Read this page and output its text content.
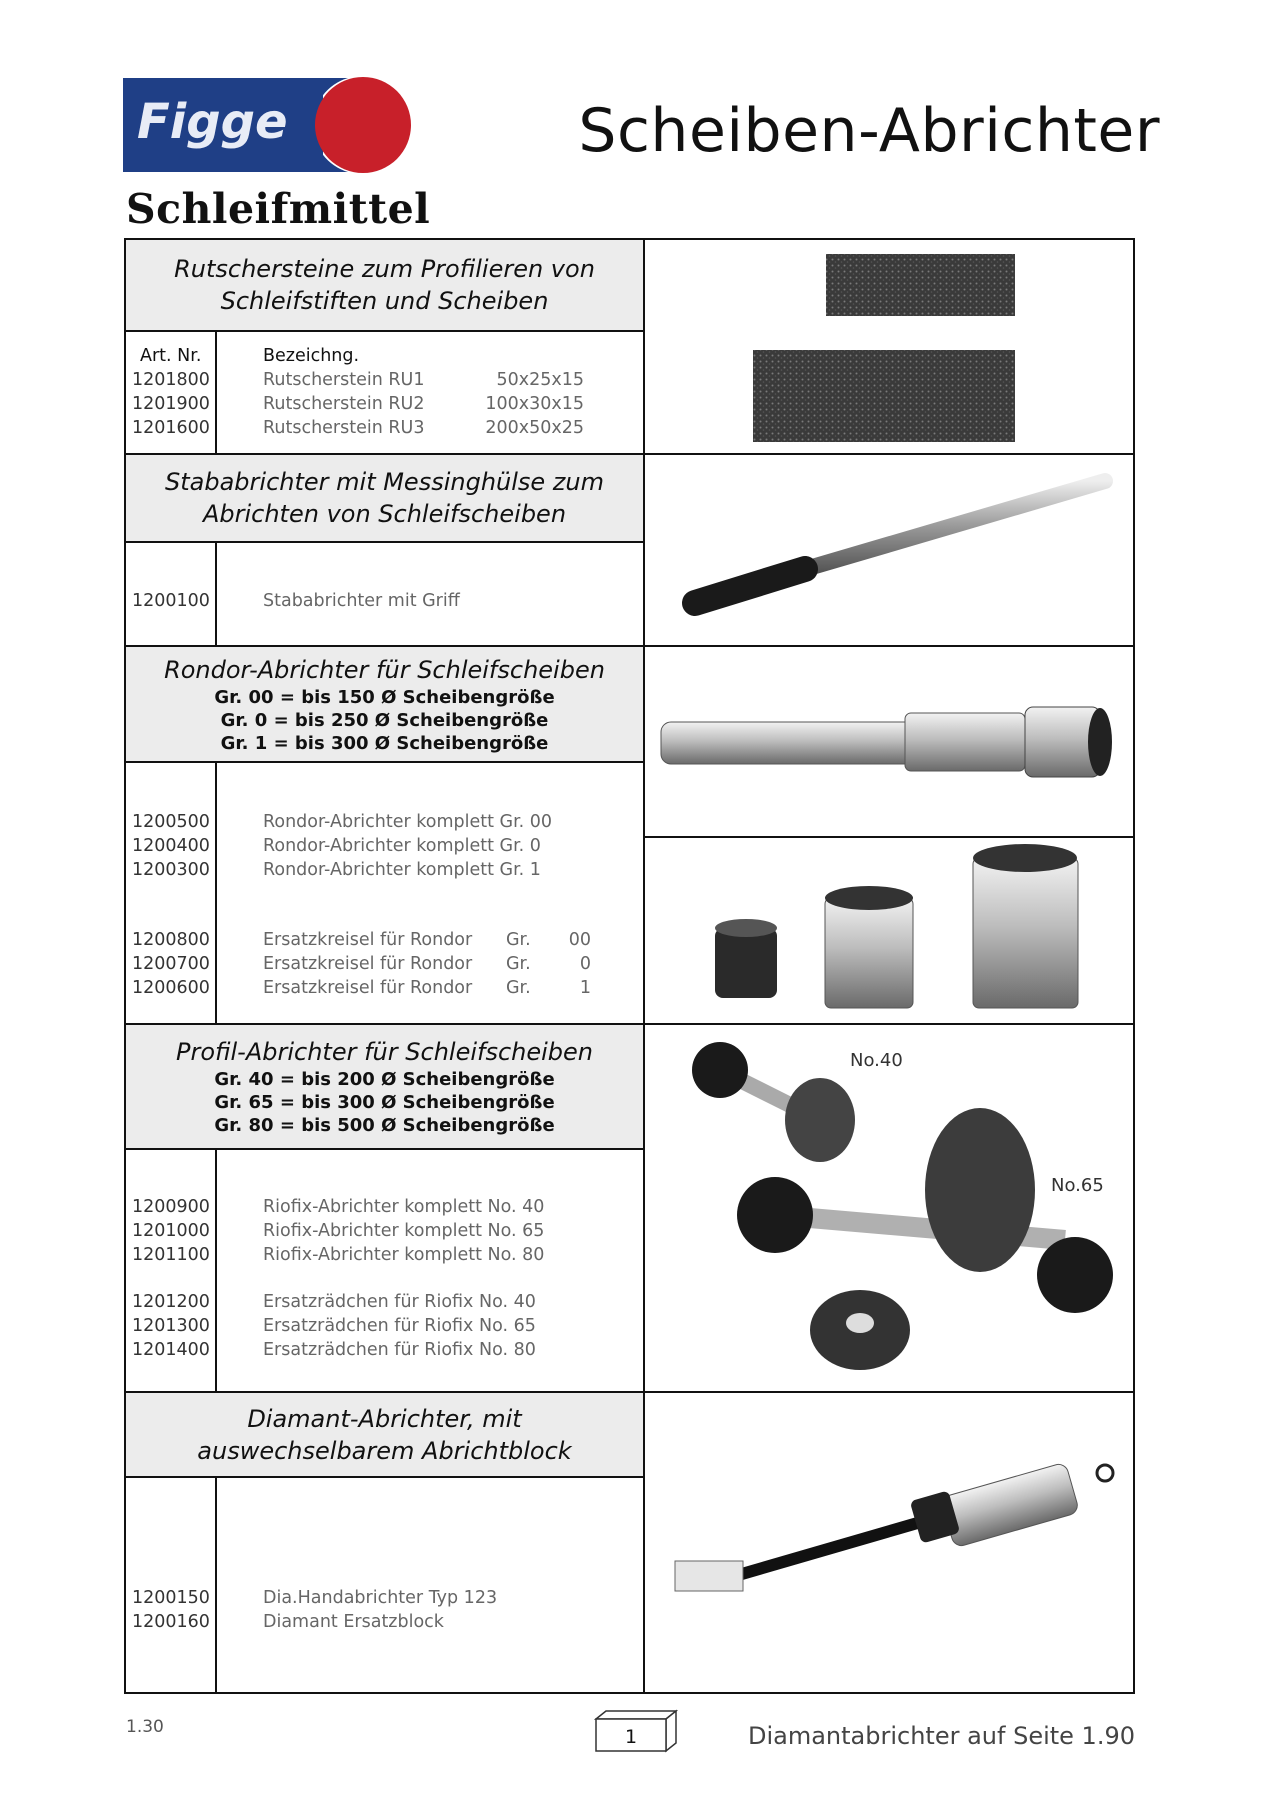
Figge	Scheiben-Abrichter
Schleifmittel
Rutschersteine zum Profilieren von
Schleifstiften und Scheiben
Art. Nr.	Bezeichng.
1201800	Rutscherstein RU1	50x25x15
1201900	Rutscherstein RU2	100x30x15
1201600	Rutscherstein RU3	200x50x25
Stababrichter mit Messinghülse zum
Abrichten von Schleifscheiben
1200100	Stababrichter mit Griff
Rondor-Abrichter für Schleifscheiben
Gr. 00 = bis 150 Ø Scheibengröße
Gr. 0 = bis 250 Ø Scheibengröße
Gr. 1 = bis 300 Ø Scheibengröße
1200500	Rondor-Abrichter komplett Gr. 00
1200400	Rondor-Abrichter komplett Gr. 0
1200300	Rondor-Abrichter komplett Gr. 1
1200800	Ersatzkreisel für Rondor Gr.	00
1200700	Ersatzkreisel für Rondor Gr.	0
1200600	Ersatzkreisel für Rondor Gr.	1
Profil-Abrichter für Schleifscheiben
Gr. 40 = bis 200 Ø Scheibengröße
Gr. 65 = bis 300 Ø Scheibengröße
Gr. 80 = bis 500 Ø Scheibengröße
1200900	Riofix-Abrichter komplett No. 40
1201000	Riofix-Abrichter komplett No. 65
1201100	Riofix-Abrichter komplett No. 80
1201200	Ersatzrädchen für Riofix No. 40
1201300	Ersatzrädchen für Riofix No. 65
1201400	Ersatzrädchen für Riofix No. 80
Diamant-Abrichter, mit
auswechselbarem Abrichtblock
1200150	Dia.Handabrichter Typ 123
1200160	Diamant Ersatzblock
No.40
No.65
1.30	1	Diamantabrichter auf Seite 1.90
